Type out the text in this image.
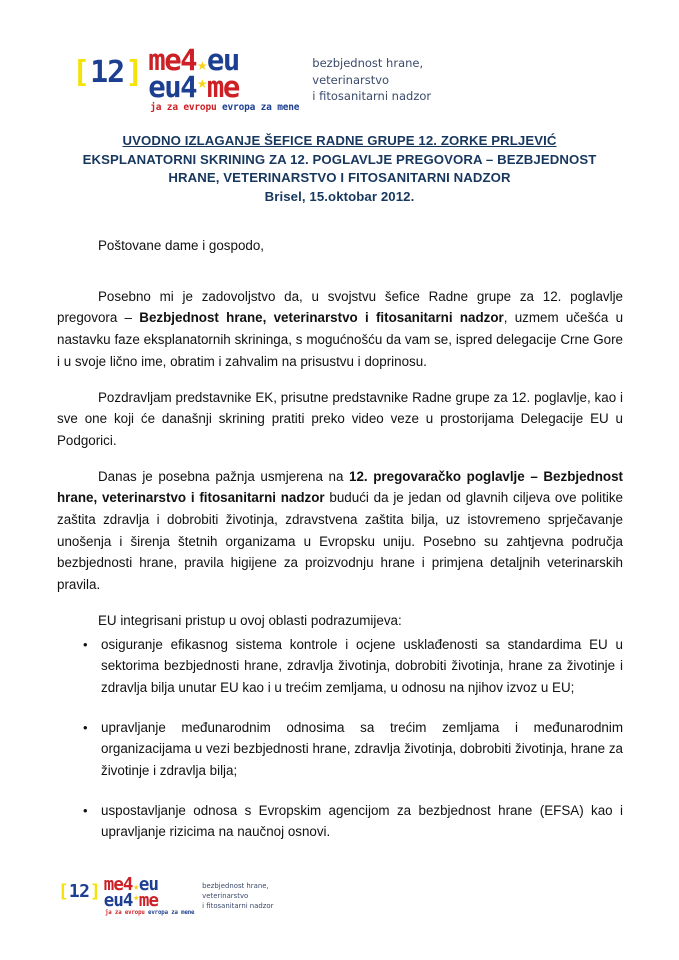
[ 12 ] me4 ★ eu
eu4 ★ me
ja za evropu evropa za mene
bezbjednost hrane,
veterinarstvo
i fitosanitarni nadzor
UVODNO IZLAGANJE ŠEFICE RADNE GRUPE 12. ZORKE PRLJEVIĆ
EKSPLANATORNI SKRINING ZA 12. POGLAVLJE PREGOVORA – BEZBJEDNOST
HRANE, VETERINARSTVO I FITOSANITARNI NADZOR
Brisel, 15.oktobar 2012.

Poštovane dame i gospodo,

Posebno mi je zadovoljstvo da, u svojstvu šefice Radne grupe za 12. poglavlje pregovora – Bezbjednost hrane, veterinarstvo i fitosanitarni nadzor, uzmem učešća u nastavku faze eksplanatornih skrininga, s mogućnošću da vam se, ispred delegacije Crne Gore i u svoje lično ime, obratim i zahvalim na prisustvu i doprinosu.

Pozdravljam predstavnike EK, prisutne predstavnike Radne grupe za 12. poglavlje, kao i sve one koji će današnji skrining pratiti preko video veze u prostorijama Delegacije EU u Podgorici.

Danas je posebna pažnja usmjerena na 12. pregovaračko poglavlje – Bezbjednost hrane, veterinarstvo i fitosanitarni nadzor budući da je jedan od glavnih ciljeva ove politike zaštita zdravlja i dobrobiti životinja, zdravstvena zaštita bilja, uz istovremeno sprječavanje unošenja i širenja štetnih organizama u Evropsku uniju. Posebno su zahtjevna područja bezbjednosti hrane, pravila higijene za proizvodnju hrane i primjena detaljnih veterinarskih pravila.

EU integrisani pristup u ovoj oblasti podrazumijeva:

• osiguranje efikasnog sistema kontrole i ocjene usklađenosti sa standardima EU u sektorima bezbjednosti hrane, zdravlja životinja, dobrobiti životinja, hrane za životinje i zdravlja bilja unutar EU kao i u trećim zemljama, u odnosu na njihov izvoz u EU;
• upravljanje međunarodnim odnosima sa trećim zemljama i međunarodnim organizacijama u vezi bezbjednosti hrane, zdravlja životinja, dobrobiti životinja, hrane za životinje i zdravlja bilja;
• uspostavljanje odnosa s Evropskim agencijom za bezbjednost hrane (EFSA) kao i upravljanje rizicima na naučnoj osnovi.
[ 12 ] me4 ★ eu
eu4 ★ me
ja za evropu evropa za mene
bezbjednost hrane,
veterinarstvo
i fitosanitarni nadzor
